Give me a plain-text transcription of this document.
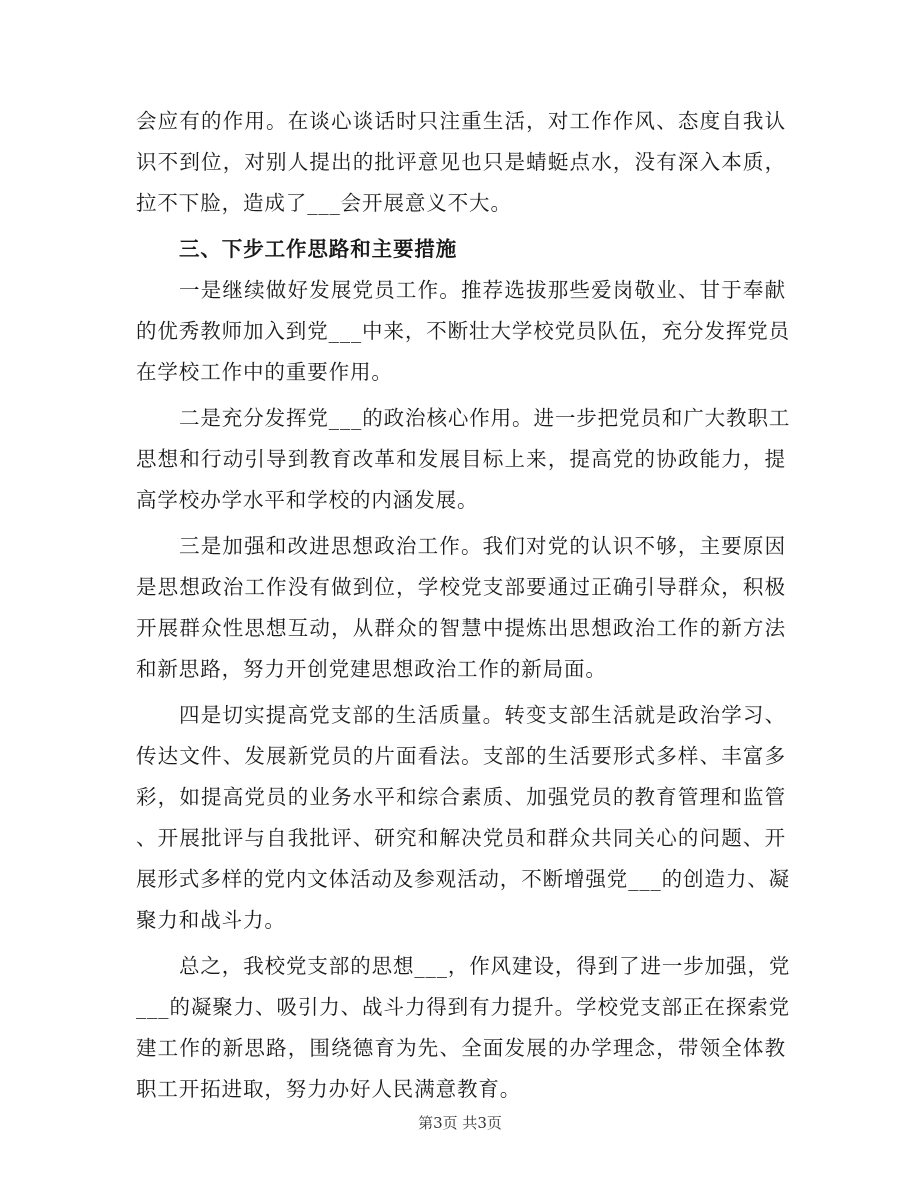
会应有的作用。在谈心谈话时只注重生活，对工作作风、态度自我认
识不到位，对别人提出的批评意见也只是蜻蜓点水，没有深入本质，
拉不下脸，造成了___会开展意义不大。
三、下步工作思路和主要措施
一是继续做好发展党员工作。推荐选拔那些爱岗敬业、甘于奉献
的优秀教师加入到党___中来，不断壮大学校党员队伍，充分发挥党员
在学校工作中的重要作用。
二是充分发挥党___的政治核心作用。进一步把党员和广大教职工
思想和行动引导到教育改革和发展目标上来，提高党的协政能力，提
高学校办学水平和学校的内涵发展。
三是加强和改进思想政治工作。我们对党的认识不够，主要原因
是思想政治工作没有做到位，学校党支部要通过正确引导群众，积极
开展群众性思想互动，从群众的智慧中提炼出思想政治工作的新方法
和新思路，努力开创党建思想政治工作的新局面。
四是切实提高党支部的生活质量。转变支部生活就是政治学习、
传达文件、发展新党员的片面看法。支部的生活要形式多样、丰富多
彩，如提高党员的业务水平和综合素质、加强党员的教育管理和监管
、开展批评与自我批评、研究和解决党员和群众共同关心的问题、开
展形式多样的党内文体活动及参观活动，不断增强党___的创造力、凝
聚力和战斗力。
总之，我校党支部的思想___，作风建设，得到了进一步加强，党
___的凝聚力、吸引力、战斗力得到有力提升。学校党支部正在探索党
建工作的新思路，围绕德育为先、全面发展的办学理念，带领全体教
职工开拓进取，努力办好人民满意教育。
第3页 共3页
